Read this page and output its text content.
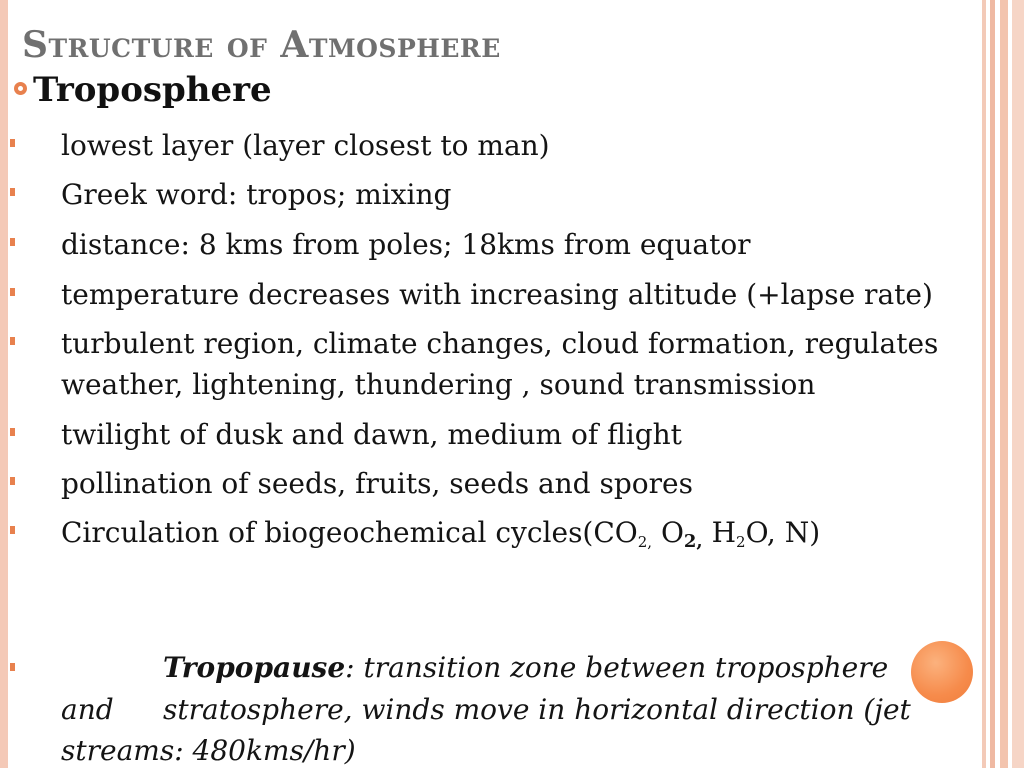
Structure of Atmosphere
Troposphere
lowest layer (layer closest to man)
Greek word: tropos; mixing
distance: 8 kms from poles; 18kms from equator
temperature decreases with increasing altitude (+lapse rate)
turbulent region, climate changes, cloud formation, regulates weather, lightening, thundering , sound transmission
twilight of dusk and dawn, medium of flight
pollination of seeds, fruits, seeds and spores
Circulation of biogeochemical $cycles(CO_{2,}$ O2, $H_2O$, N)
Tropopause: transition zone between troposphere
and stratosphere, winds move in horizontal direction (jet
streams: 480kms/hr)
